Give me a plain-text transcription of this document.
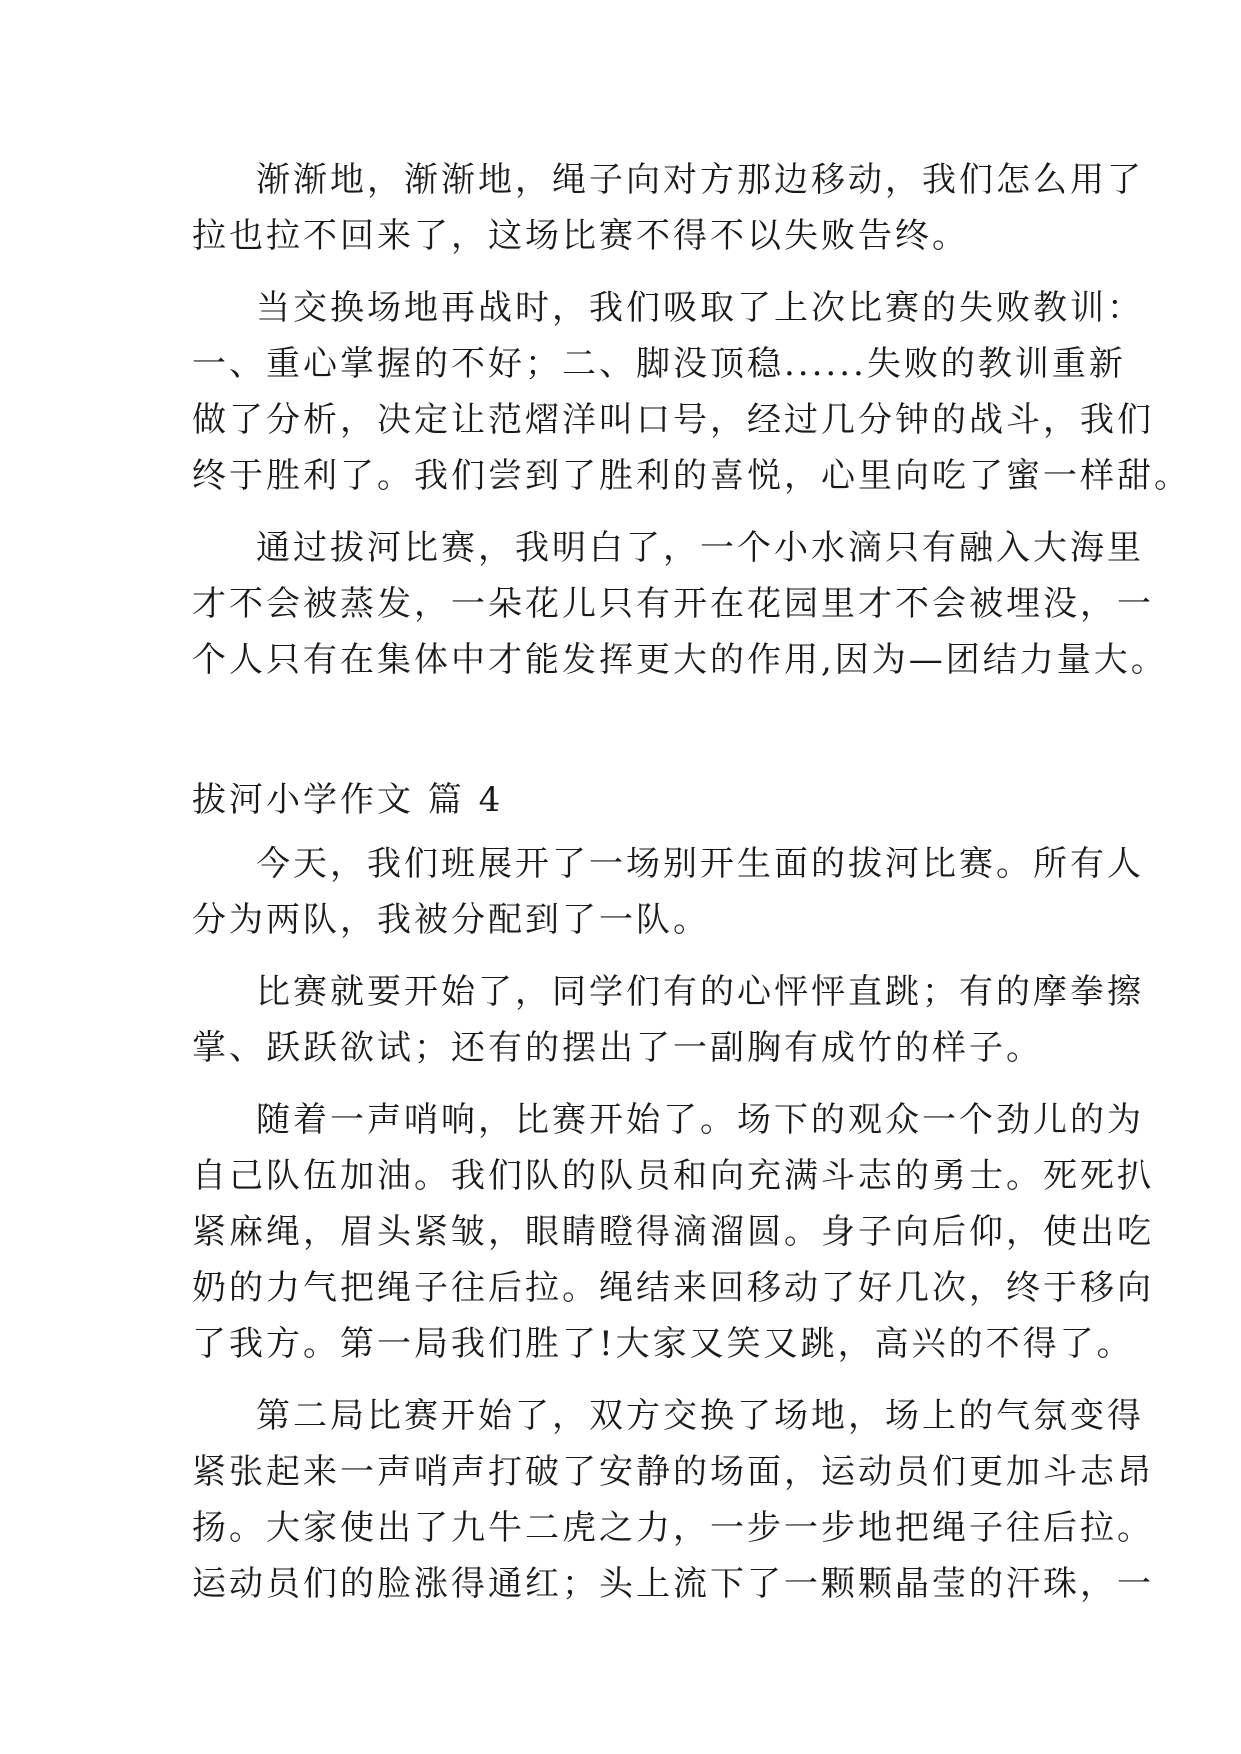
渐渐地，渐渐地，绳子向对方那边移动，我们怎么用了
拉也拉不回来了，这场比赛不得不以失败告终。
当交换场地再战时，我们吸取了上次比赛的失败教训：
一、重心掌握的不好；二、脚没顶稳......失败的教训重新
做了分析，决定让范熠洋叫口号，经过几分钟的战斗，我们
终于胜利了。我们尝到了胜利的喜悦，心里向吃了蜜一样甜。
通过拔河比赛，我明白了，一个小水滴只有融入大海里
才不会被蒸发，一朵花儿只有开在花园里才不会被埋没，一
个人只有在集体中才能发挥更大的作用,因为—团结力量大。
拔河小学作文 篇 4
今天，我们班展开了一场别开生面的拔河比赛。所有人
分为两队，我被分配到了一队。
比赛就要开始了，同学们有的心怦怦直跳；有的摩拳擦
掌、跃跃欲试；还有的摆出了一副胸有成竹的样子。
随着一声哨响，比赛开始了。场下的观众一个劲儿的为
自己队伍加油。我们队的队员和向充满斗志的勇士。死死扒
紧麻绳，眉头紧皱，眼睛瞪得滴溜圆。身子向后仰，使出吃
奶的力气把绳子往后拉。绳结来回移动了好几次，终于移向
了我方。第一局我们胜了!大家又笑又跳，高兴的不得了。
第二局比赛开始了，双方交换了场地，场上的气氛变得
紧张起来一声哨声打破了安静的场面，运动员们更加斗志昂
扬。大家使出了九牛二虎之力，一步一步地把绳子往后拉。
运动员们的脸涨得通红；头上流下了一颗颗晶莹的汗珠，一
